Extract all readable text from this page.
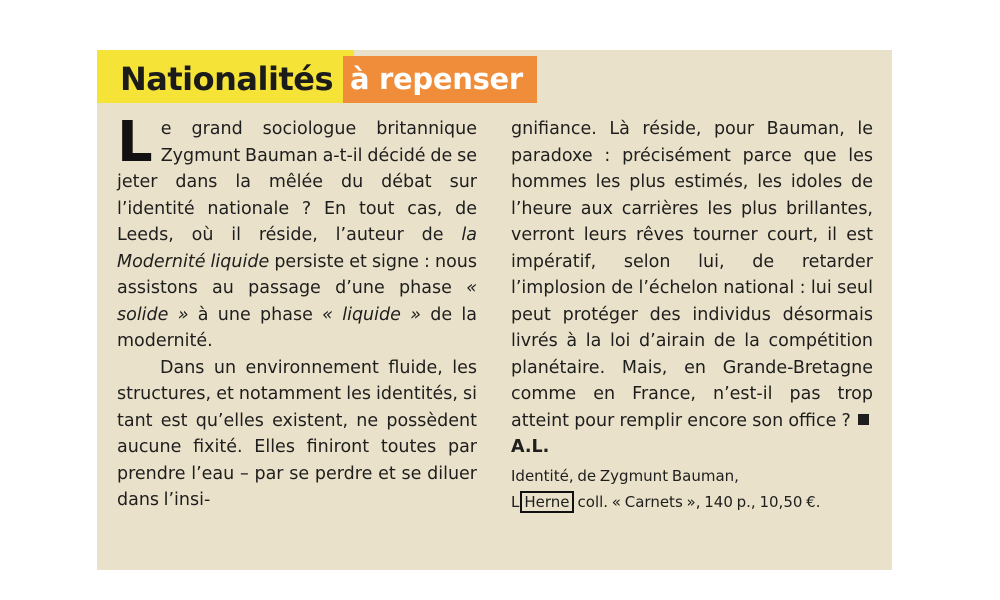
Nationalités à repenser

Le grand sociologue britannique Zygmunt Bauman a-t-il décidé de se jeter dans la mêlée du débat sur l’identité nationale ? En tout cas, de Leeds, où il réside, l’auteur de la Modernité liquide persiste et signe : nous assistons au passage d’une phase « solide » à une phase « liquide » de la modernité.

Dans un environnement fluide, les structures, et notamment les identités, si tant est qu’elles existent, ne possèdent aucune fixité. Elles finiront toutes par prendre l’eau – par se perdre et se diluer dans l’insi-

gnifiance. Là réside, pour Bauman, le paradoxe : précisément parce que les hommes les plus estimés, les idoles de l’heure aux carrières les plus brillantes, verront leurs rêves tourner court, il est impératif, selon lui, de retarder l’implosion de l’échelon national : lui seul peut protéger des individus désormais livrés à la loi d’airain de la compétition planétaire. Mais, en Grande-Bretagne comme en France, n’est-il pas trop atteint pour remplir encore son office ? A.L.

Identité, de Zygmunt Bauman,
L Herne coll. « Carnets », 140 p., 10,50 €.
